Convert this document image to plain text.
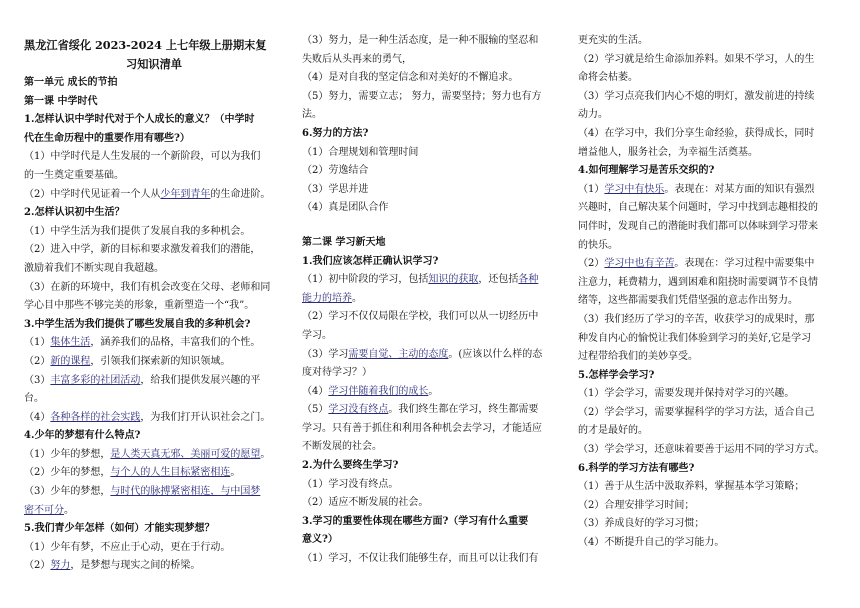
黑龙江省绥化 2023-2024 上七年级上册期末复
习知识清单
第一单元 成长的节拍
第一课 中学时代
1.怎样认识中学时代对于个人成长的意义？（中学时
代在生命历程中的重要作用有哪些?）
（1）中学时代是人生发展的一个新阶段，可以为我们
的一生奠定重要基础。
（2）中学时代见证着一个人从少年到青年的生命进阶。
2.怎样认识初中生活？
（1）中学生活为我们提供了发展自我的多种机会。
（2）进入中学，新的目标和要求激发着我们的潜能，
激励着我们不断实现自我超越。
（3）在新的环境中，我们有机会改变在父母、老师和同
学心目中那些不够完美的形象，重新塑造一个“我”。
3.中学生活为我们提供了哪些发展自我的多种机会?
（1）集体生活，涵养我们的品格，丰富我们的个性。
（2）新的课程，引领我们探索新的知识领域。
（3）丰富多彩的社团活动，给我们提供发展兴趣的平
台。
（4）各种各样的社会实践，为我们打开认识社会之门。
4.少年的梦想有什么特点?
（1）少年的梦想，是人类天真无邪、美丽可爱的愿望。
（2）少年的梦想，与个人的人生目标紧密相连。
（3）少年的梦想，与时代的脉搏紧密相连，与中国梦
密不可分。
5.我们青少年怎样（如何）才能实现梦想？
（1）少年有梦，不应止于心动，更在于行动。
（2）努力，是梦想与现实之间的桥梁。
（3）努力，是一种生活态度，是一种不服输的坚忍和
失败后从头再来的勇气，
（4）是对自我的坚定信念和对美好的不懈追求。
（5）努力，需要立志； 努力，需要坚持；努力也有方
法。
6.努力的方法?
（1）合理规划和管理时间
（2）劳逸结合
（3）学思并进
（4）真是团队合作
第二课 学习新天地
1.我们应该怎样正确认识学习?
（1）初中阶段的学习，包括知识的获取，还包括各种
能力的培养。
（2）学习不仅仅局限在学校，我们可以从一切经历中
学习。
（3）学习需要自觉、主动的态度。(应该以什么样的态
度对待学习？）
（4）学习伴随着我们的成长。
（5）学习没有终点。我们终生都在学习，终生都需要
学习。只有善于抓住和利用各种机会去学习，才能适应
不断发展的社会。
2.为什么要终生学习?
（1）学习没有终点。
（2）适应不断发展的社会。
3.学习的重要性体现在哪些方面?（学习有什么重要
意义?）
（1）学习，不仅让我们能够生存，而且可以让我们有
更充实的生活。
（2）学习就是给生命添加养料。如果不学习，人的生
命将会枯萎。
（3）学习点亮我们内心不熄的明灯，激发前进的持续
动力。
（4）在学习中，我们分享生命经验，获得成长，同时
增益他人，服务社会，为幸福生活奠基。
4.如何理解学习是苦乐交织的?
（1）学习中有快乐。表现在：对某方面的知识有强烈
兴趣时，自己解决某个问题时，学习中找到志趣相投的
同伴时，发现自己的潜能时我们都可以体味到学习带来
的快乐。
（2）学习中也有辛苦。表现在：学习过程中需要集中
注意力，耗费精力，遇到困难和阻挠时需要调节不良情
绪等，这些都需要我们凭借坚强的意志作出努力。
（3）我们经历了学习的辛苦，收获学习的成果时，那
种发自内心的愉悦让我们体验到学习的美好,它是学习
过程带给我们的美妙享受。
5.怎样学会学习?
（1）学会学习，需要发现并保持对学习的兴趣。
（2）学会学习，需要掌握科学的学习方法，适合自己
的才是最好的。
（3）学会学习，还意味着要善于运用不同的学习方式。
6.科学的学习方法有哪些?
（1）善于从生活中汲取养料，掌握基本学习策略；
（2）合理安排学习时间；
（3）养成良好的学习习惯；
（4）不断提升自己的学习能力。
